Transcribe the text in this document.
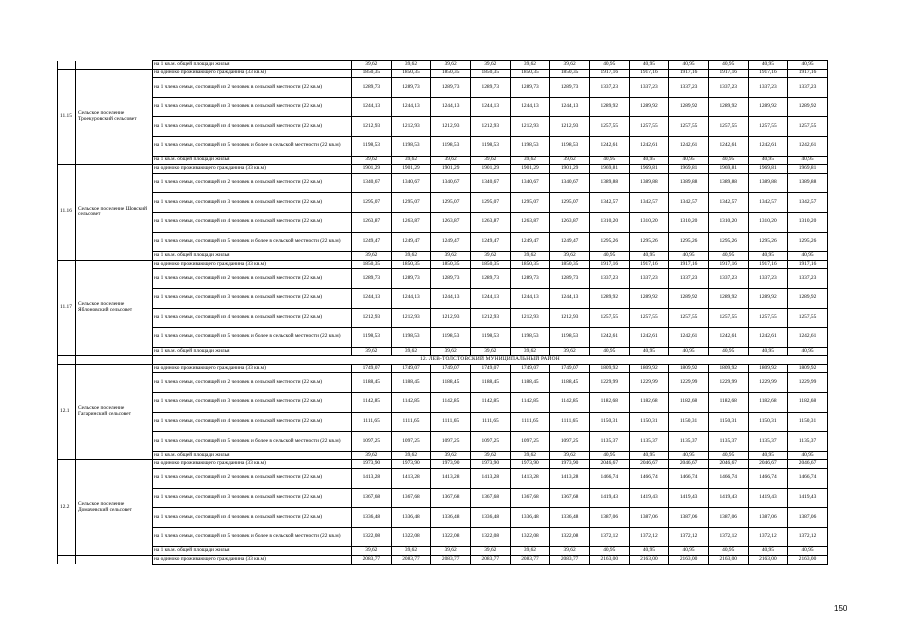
		на 1 кв.м. общей площади жилья	39,62	39,62	39,62	39,62	39,62	39,62	40,95	40,95	40,95	40,95	40,95	40,95
11.15	Сельское поселение Троекуровский сельсовет	на одиноко проживающего гражданина (33 кв.м)	1850,35	1850,35	1850,35	1850,35	1850,35	1850,35	1917,16	1917,16	1917,16	1917,16	1917,16	1917,16
		на 1 члена семьи, состоящей из 2 человек в сельской местности (22 кв.м)	1289,73	1289,73	1289,73	1289,73	1289,73	1289,73	1337,23	1337,23	1337,23	1337,23	1337,23	1337,23
		на 1 члена семьи, состоящей из 3 человек в сельской местности (22 кв.м)	1244,13	1244,13	1244,13	1244,13	1244,13	1244,13	1289,92	1289,92	1289,92	1289,92	1289,92	1289,92
		на 1 члена семьи, состоящей из 4 человек в сельской местности (22 кв.м)	1212,93	1212,93	1212,93	1212,93	1212,93	1212,93	1257,55	1257,55	1257,55	1257,55	1257,55	1257,55
		на 1 члена семьи, состоящей из 5 человек и более в сельской местности (22 кв.м)	1198,53	1198,53	1198,53	1198,53	1198,53	1198,53	1242,61	1242,61	1242,61	1242,61	1242,61	1242,61
		на 1 кв.м. общей площади жилья	39,62	39,62	39,62	39,62	39,62	39,62	40,95	40,95	40,95	40,95	40,95	40,95
11.16	Сельское поселение Шовский сельсовет	на одиноко проживающего гражданина (33 кв.м)	1901,29	1901,29	1901,29	1901,29	1901,29	1901,29	1969,81	1969,81	1969,81	1969,81	1969,81	1969,81
		на 1 члена семьи, состоящей из 2 человек в сельской местности (22 кв.м)	1340,67	1340,67	1340,67	1340,67	1340,67	1340,67	1389,88	1389,88	1389,88	1389,88	1389,88	1389,88
		на 1 члена семьи, состоящей из 3 человек в сельской местности (22 кв.м)	1295,07	1295,07	1295,07	1295,07	1295,07	1295,07	1342,57	1342,57	1342,57	1342,57	1342,57	1342,57
		на 1 члена семьи, состоящей из 4 человек в сельской местности (22 кв.м)	1263,87	1263,87	1263,87	1263,87	1263,87	1263,87	1310,20	1310,20	1310,20	1310,20	1310,20	1310,20
		на 1 члена семьи, состоящей из 5 человек и более в сельской местности (22 кв.м)	1249,47	1249,47	1249,47	1249,47	1249,47	1249,47	1295,26	1295,26	1295,26	1295,26	1295,26	1295,26
		на 1 кв.м. общей площади жилья	39,62	39,62	39,62	39,62	39,62	39,62	40,95	40,95	40,95	40,95	40,95	40,95
11.17	Сельское поселение Яблоновский сельсовет	на одиноко проживающего гражданина (33 кв.м)	1850,35	1850,35	1850,35	1850,35	1850,35	1850,35	1917,16	1917,16	1917,16	1917,16	1917,16	1917,16
		на 1 члена семьи, состоящей из 2 человек в сельской местности (22 кв.м)	1289,73	1289,73	1289,73	1289,73	1289,73	1289,73	1337,23	1337,23	1337,23	1337,23	1337,23	1337,23
		на 1 члена семьи, состоящей из 3 человек в сельской местности (22 кв.м)	1244,13	1244,13	1244,13	1244,13	1244,13	1244,13	1289,92	1289,92	1289,92	1289,92	1289,92	1289,92
		на 1 члена семьи, состоящей из 4 человек в сельской местности (22 кв.м)	1212,93	1212,93	1212,93	1212,93	1212,93	1212,93	1257,55	1257,55	1257,55	1257,55	1257,55	1257,55
		на 1 члена семьи, состоящей из 5 человек и более в сельской местности (22 кв.м)	1198,53	1198,53	1198,53	1198,53	1198,53	1198,53	1242,61	1242,61	1242,61	1242,61	1242,61	1242,61
		на 1 кв.м. общей площади жилья	39,62	39,62	39,62	39,62	39,62	39,62	40,95	40,95	40,95	40,95	40,95	40,95
		12. ЛЕВ-ТОЛСТОВСКИЙ МУНИЦИПАЛЬНЫЙ РАЙОН												
12.1	Сельское поселение Гагаринский сельсовет	на одиноко проживающего гражданина (33 кв.м)	1749,07	1749,07	1749,07	1749,07	1749,07	1749,07	1809,92	1809,92	1809,92	1809,92	1809,92	1809,92
		на 1 члена семьи, состоящей из 2 человек в сельской местности (22 кв.м)	1188,45	1188,45	1188,45	1188,45	1188,45	1188,45	1229,99	1229,99	1229,99	1229,99	1229,99	1229,99
		на 1 члена семьи, состоящей из 3 человек в сельской местности (22 кв.м)	1142,85	1142,85	1142,85	1142,85	1142,85	1142,85	1182,68	1182,68	1182,68	1182,68	1182,68	1182,68
		на 1 члена семьи, состоящей из 4 человек в сельской местности (22 кв.м)	1111,65	1111,65	1111,65	1111,65	1111,65	1111,65	1150,31	1150,31	1150,31	1150,31	1150,31	1150,31
		на 1 члена семьи, состоящей из 5 человек и более в сельской местности (22 кв.м)	1097,25	1097,25	1097,25	1097,25	1097,25	1097,25	1135,37	1135,37	1135,37	1135,37	1135,37	1135,37
		на 1 кв.м. общей площади жилья	39,62	39,62	39,62	39,62	39,62	39,62	40,95	40,95	40,95	40,95	40,95	40,95
12.2	Сельское поселение Домачевский сельсовет	на одиноко проживающего гражданина (33 кв.м)	1973,90	1973,90	1973,90	1973,90	1973,90	1973,90	2046,67	2046,67	2046,67	2046,67	2046,67	2046,67
		на 1 члена семьи, состоящей из 2 человек в сельской местности (22 кв.м)	1413,28	1413,28	1413,28	1413,28	1413,28	1413,28	1466,74	1466,74	1466,74	1466,74	1466,74	1466,74
		на 1 члена семьи, состоящей из 3 человек в сельской местности (22 кв.м)	1367,68	1367,68	1367,68	1367,68	1367,68	1367,68	1419,43	1419,43	1419,43	1419,43	1419,43	1419,43
		на 1 члена семьи, состоящей из 4 человек в сельской местности (22 кв.м)	1336,48	1336,48	1336,48	1336,48	1336,48	1336,48	1387,06	1387,06	1387,06	1387,06	1387,06	1387,06
		на 1 члена семьи, состоящей из 5 человек и более в сельской местности (22 кв.м)	1322,08	1322,08	1322,08	1322,08	1322,08	1322,08	1372,12	1372,12	1372,12	1372,12	1372,12	1372,12
		на 1 кв.м. общей площади жилья	39,62	39,62	39,62	39,62	39,62	39,62	40,95	40,95	40,95	40,95	40,95	40,95
		на одиноко проживающего гражданина (33 кв.м)	2083,77	2083,77	2083,77	2083,77	2083,77	2083,77	2163,00	2163,00	2163,00	2163,00	2163,00	2163,00
150
